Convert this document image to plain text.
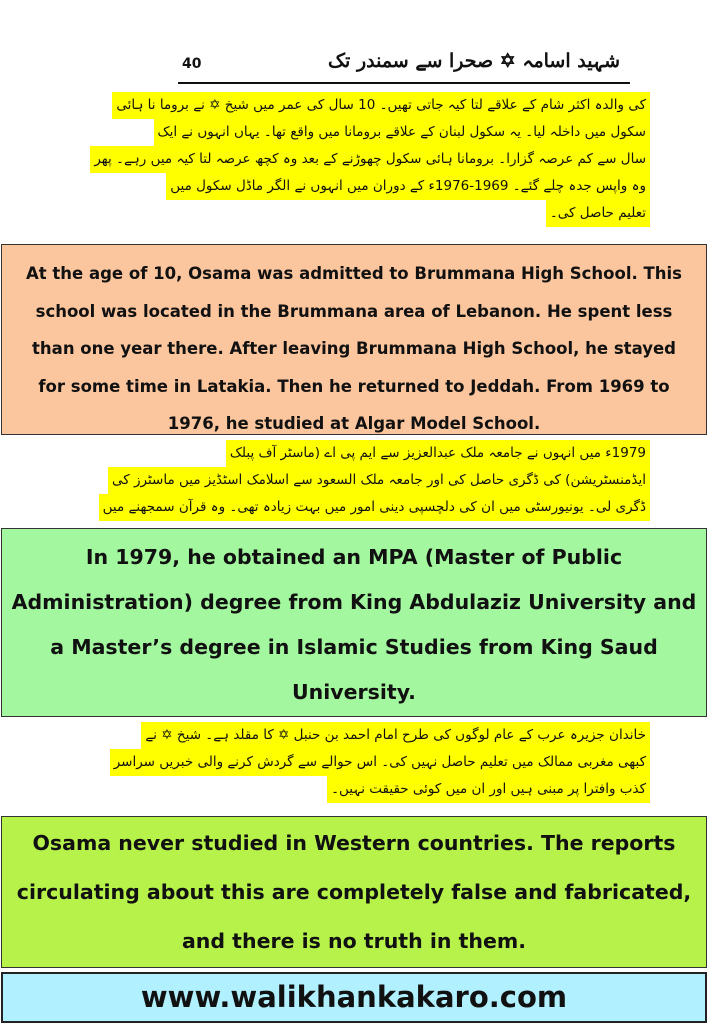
شہید اسامہ ✡ صحرا سے سمندر تک
40
کی والدہ اکثر شام کے علاقے لتا کیہ جاتی تھیں۔ 10 سال کی عمر میں شیخ ✡ نے بروما نا ہائی
سکول میں داخلہ لیا۔ یہ سکول لبنان کے علاقے برومانا میں واقع تھا۔ یہاں انہوں نے ایک
سال سے کم عرصہ گزارا۔ برومانا ہائی سکول چھوڑنے کے بعد وہ کچھ عرصہ لتا کیہ میں رہے۔ پھر
وہ واپس جدہ چلے گئے۔ 1969-1976ء کے دوران میں انہوں نے الگر ماڈل سکول میں
تعلیم حاصل کی۔
At the age of 10, Osama was admitted to Brummana High School. This school was located in the Brummana area of Lebanon. He spent less than one year there. After leaving Brummana High School, he stayed for some time in Latakia. Then he returned to Jeddah. From 1969 to 1976, he studied at Algar Model School.
1979ء میں انہوں نے جامعہ ملک عبدالعزیز سے ایم پی اے (ماسٹر آف پبلک
ایڈمنسٹریشن) کی ڈگری حاصل کی اور جامعہ ملک السعود سے اسلامک اسٹڈیز میں ماسٹرز کی
ڈگری لی۔ یونیورسٹی میں ان کی دلچسپی دینی امور میں بہت زیادہ تھی۔ وہ قرآن سمجھنے میں
In 1979, he obtained an MPA (Master of Public Administration) degree from King Abdulaziz University and a Master’s degree in Islamic Studies from King Saud University.
خاندان جزیرہ عرب کے عام لوگوں کی طرح امام احمد بن حنبل ✡ کا مقلد ہے۔ شیخ ✡ نے
کبھی مغربی ممالک میں تعلیم حاصل نہیں کی۔ اس حوالے سے گردش کرنے والی خبریں سراسر
کذب وافترا پر مبنی ہیں اور ان میں کوئی حقیقت نہیں۔
Osama never studied in Western countries. The reports circulating about this are completely false and fabricated, and there is no truth in them.
www.walikhankakaro.com
